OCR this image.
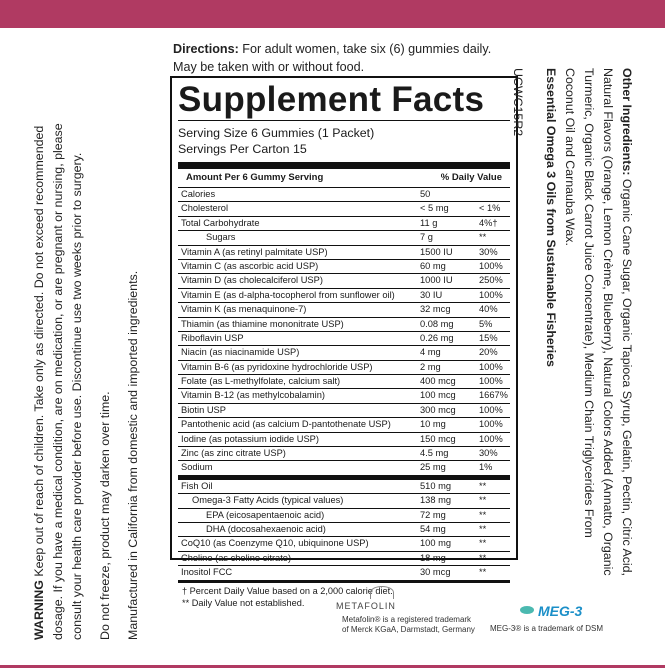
Directions: For adult women, take six (6) gummies daily.
May be taken with or without food.
Supplement Facts
Serving Size 6 Gummies (1 Packet)
Servings Per Carton 15
Amount Per 6 Gummy Serving	% Daily Value
Calories	50
Cholesterol	< 5 mg	< 1%
Total Carbohydrate	11 g	4%†
Sugars	7 g	**
Vitamin A (as retinyl palmitate USP)	1500 IU	30%
Vitamin C (as ascorbic acid USP)	60 mg	100%
Vitamin D (as cholecalciferol USP)	1000 IU	250%
Vitamin E (as d-alpha-tocopherol from sunflower oil)	30 IU	100%
Vitamin K (as menaquinone-7)	32 mcg	40%
Thiamin (as thiamine mononitrate USP)	0.08 mg	5%
Riboflavin USP	0.26 mg	15%
Niacin (as niacinamide USP)	4 mg	20%
Vitamin B-6 (as pyridoxine hydrochloride USP)	2 mg	100%
Folate (as L-methylfolate, calcium salt)	400 mcg	100%
Vitamin B-12 (as methylcobalamin)	100 mcg	1667%
Biotin USP	300 mcg	100%
Pantothenic acid (as calcium D-pantothenate USP)	10 mg	100%
Iodine (as potassium iodide USP)	150 mcg	100%
Zinc (as zinc citrate USP)	4.5 mg	30%
Sodium	25 mg	1%
Fish Oil	510 mg	**
Omega-3 Fatty Acids (typical values)	138 mg	**
EPA (eicosapentaenoic acid)	72 mg	**
DHA (docosahexaenoic acid)	54 mg	**
CoQ10 (as Coenzyme Q10, ubiquinone USP)	100 mg	**
Choline (as choline citrate)	18 mg	**
Inositol FCC	30 mcg	**
† Percent Daily Value based on a 2,000 calorie diet.
** Daily Value not established.

WARNING Keep out of reach of children. Take only as directed. Do not exceed recommended dosage. If you have a medical condition, are on medication, or are pregnant or nursing, please consult your health care provider before use. Discontinue use two weeks prior to surgery. Do not freeze, product may darken over time. Manufactured in California from domestic and imported ingredients.

Other Ingredients: Organic Cane Sugar, Organic Tapioca Syrup, Gelatin, Pectin, Citric Acid,

Natural Flavors (Orange, Lemon Crème, Blueberry), Natural Colors Added (Annatto, Organic

Turmeric, Organic Black Carrot Juice Concentrate), Medium Chain Triglycerides From

Coconut Oil and Carnauba Wax.

Essential Omega 3 Oils from Sustainable Fisheries

UCWC15R2

METAFOLIN
Metafolin® is a registered trademark
of Merck KGaA, Darmstadt, Germany
MEG-3
MEG-3® is a trademark of DSM
